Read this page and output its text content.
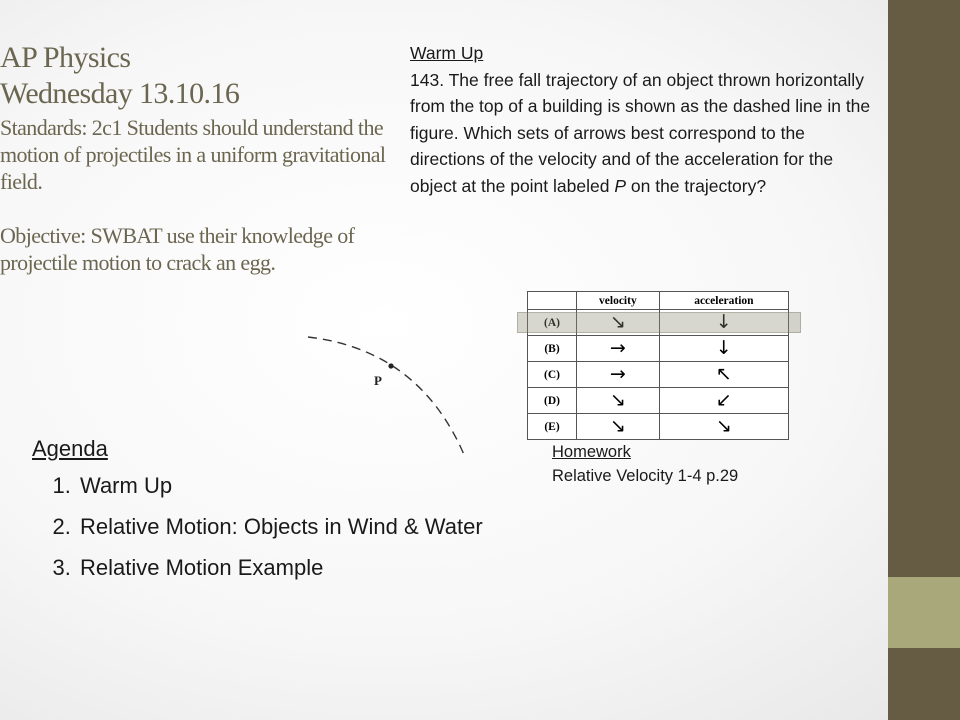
AP Physics
Wednesday 13.10.16
Standards: 2c1 Students should understand the motion of projectiles in a uniform gravitational field.
Objective: SWBAT use their knowledge of projectile motion to crack an egg.
Warm Up
143. The free fall trajectory of an object thrown horizontally from the top of a building is shown as the dashed line in the figure. Which sets of arrows best correspond to the directions of the velocity and of the acceleration for the object at the point labeled P on the trajectory?
	velocity	acceleration
(A)	↘	↓
(B)	→	↓
(C)	→	↖
(D)	↘	↙
(E)	↘	↘
P
Agenda
1. Warm Up
2. Relative Motion: Objects in Wind & Water
3. Relative Motion Example
Homework
Relative Velocity 1-4 p.29
